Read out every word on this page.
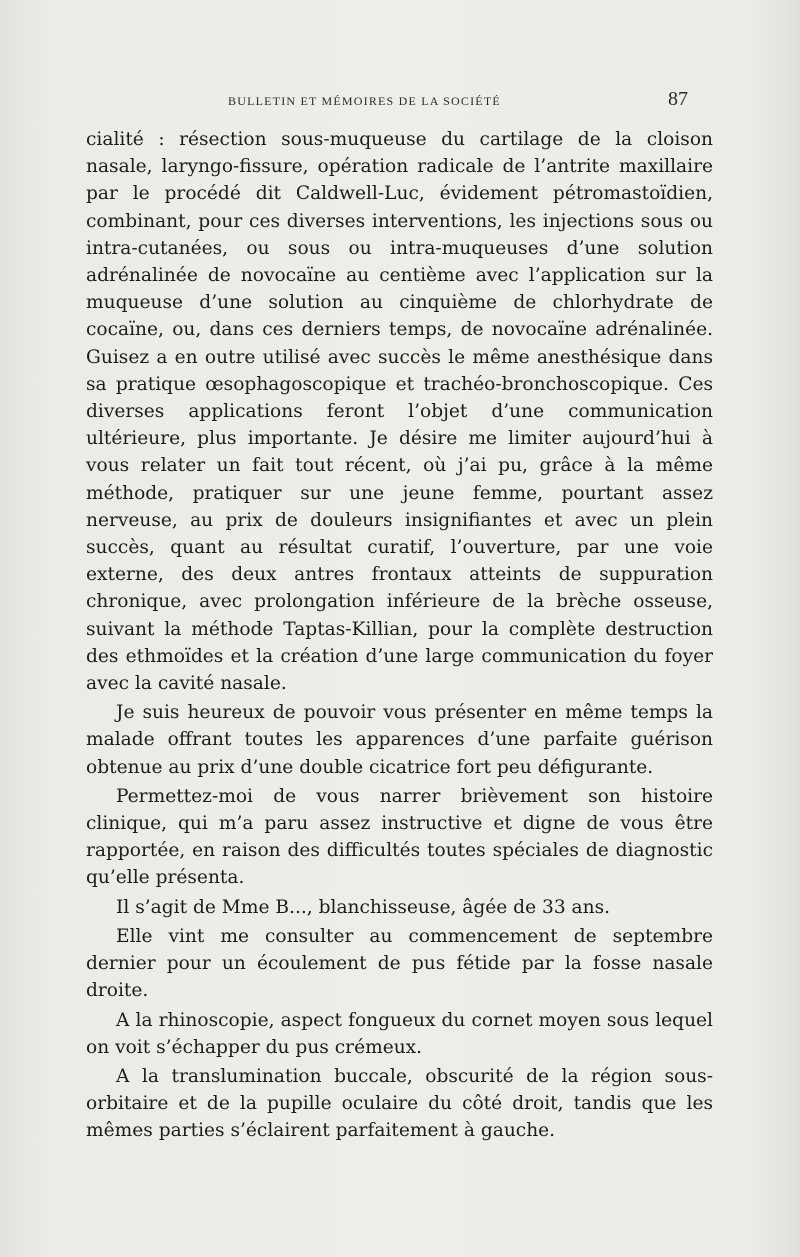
BULLETIN ET MÉMOIRES DE LA SOCIÉTÉ	87

cialité : résection sous-muqueuse du cartilage de la cloison nasale, laryngo-fissure, opération radicale de l’antrite maxillaire par le procédé dit Caldwell-Luc, évidement pétromastoïdien, combinant, pour ces diverses interventions, les injections sous ou intra-cutanées, ou sous ou intra-muqueuses d’une solution adrénalinée de novocaïne au centième avec l’application sur la muqueuse d’une solution au cinquième de chlorhydrate de cocaïne, ou, dans ces derniers temps, de novocaïne adrénalinée. Guisez a en outre utilisé avec succès le même anesthésique dans sa pratique œsophagoscopique et trachéo-bronchoscopique. Ces diverses applications feront l’objet d’une communication ultérieure, plus importante. Je désire me limiter aujourd’hui à vous relater un fait tout récent, où j’ai pu, grâce à la même méthode, pratiquer sur une jeune femme, pourtant assez nerveuse, au prix de douleurs insignifiantes et avec un plein succès, quant au résultat curatif, l’ouverture, par une voie externe, des deux antres frontaux atteints de suppuration chronique, avec prolongation inférieure de la brèche osseuse, suivant la méthode Taptas-Killian, pour la complète destruction des ethmoïdes et la création d’une large communication du foyer avec la cavité nasale.

Je suis heureux de pouvoir vous présenter en même temps la malade offrant toutes les apparences d’une parfaite guérison obtenue au prix d’une double cicatrice fort peu défigurante.

Permettez-moi de vous narrer brièvement son histoire clinique, qui m’a paru assez instructive et digne de vous être rapportée, en raison des difficultés toutes spéciales de diagnostic qu’elle présenta.

Il s’agit de Mme B..., blanchisseuse, âgée de 33 ans.

Elle vint me consulter au commencement de septembre dernier pour un écoulement de pus fétide par la fosse nasale droite.

A la rhinoscopie, aspect fongueux du cornet moyen sous lequel on voit s’échapper du pus crémeux.

A la translumination buccale, obscurité de la région sous-orbitaire et de la pupille oculaire du côté droit, tandis que les mêmes parties s’éclairent parfaitement à gauche.
